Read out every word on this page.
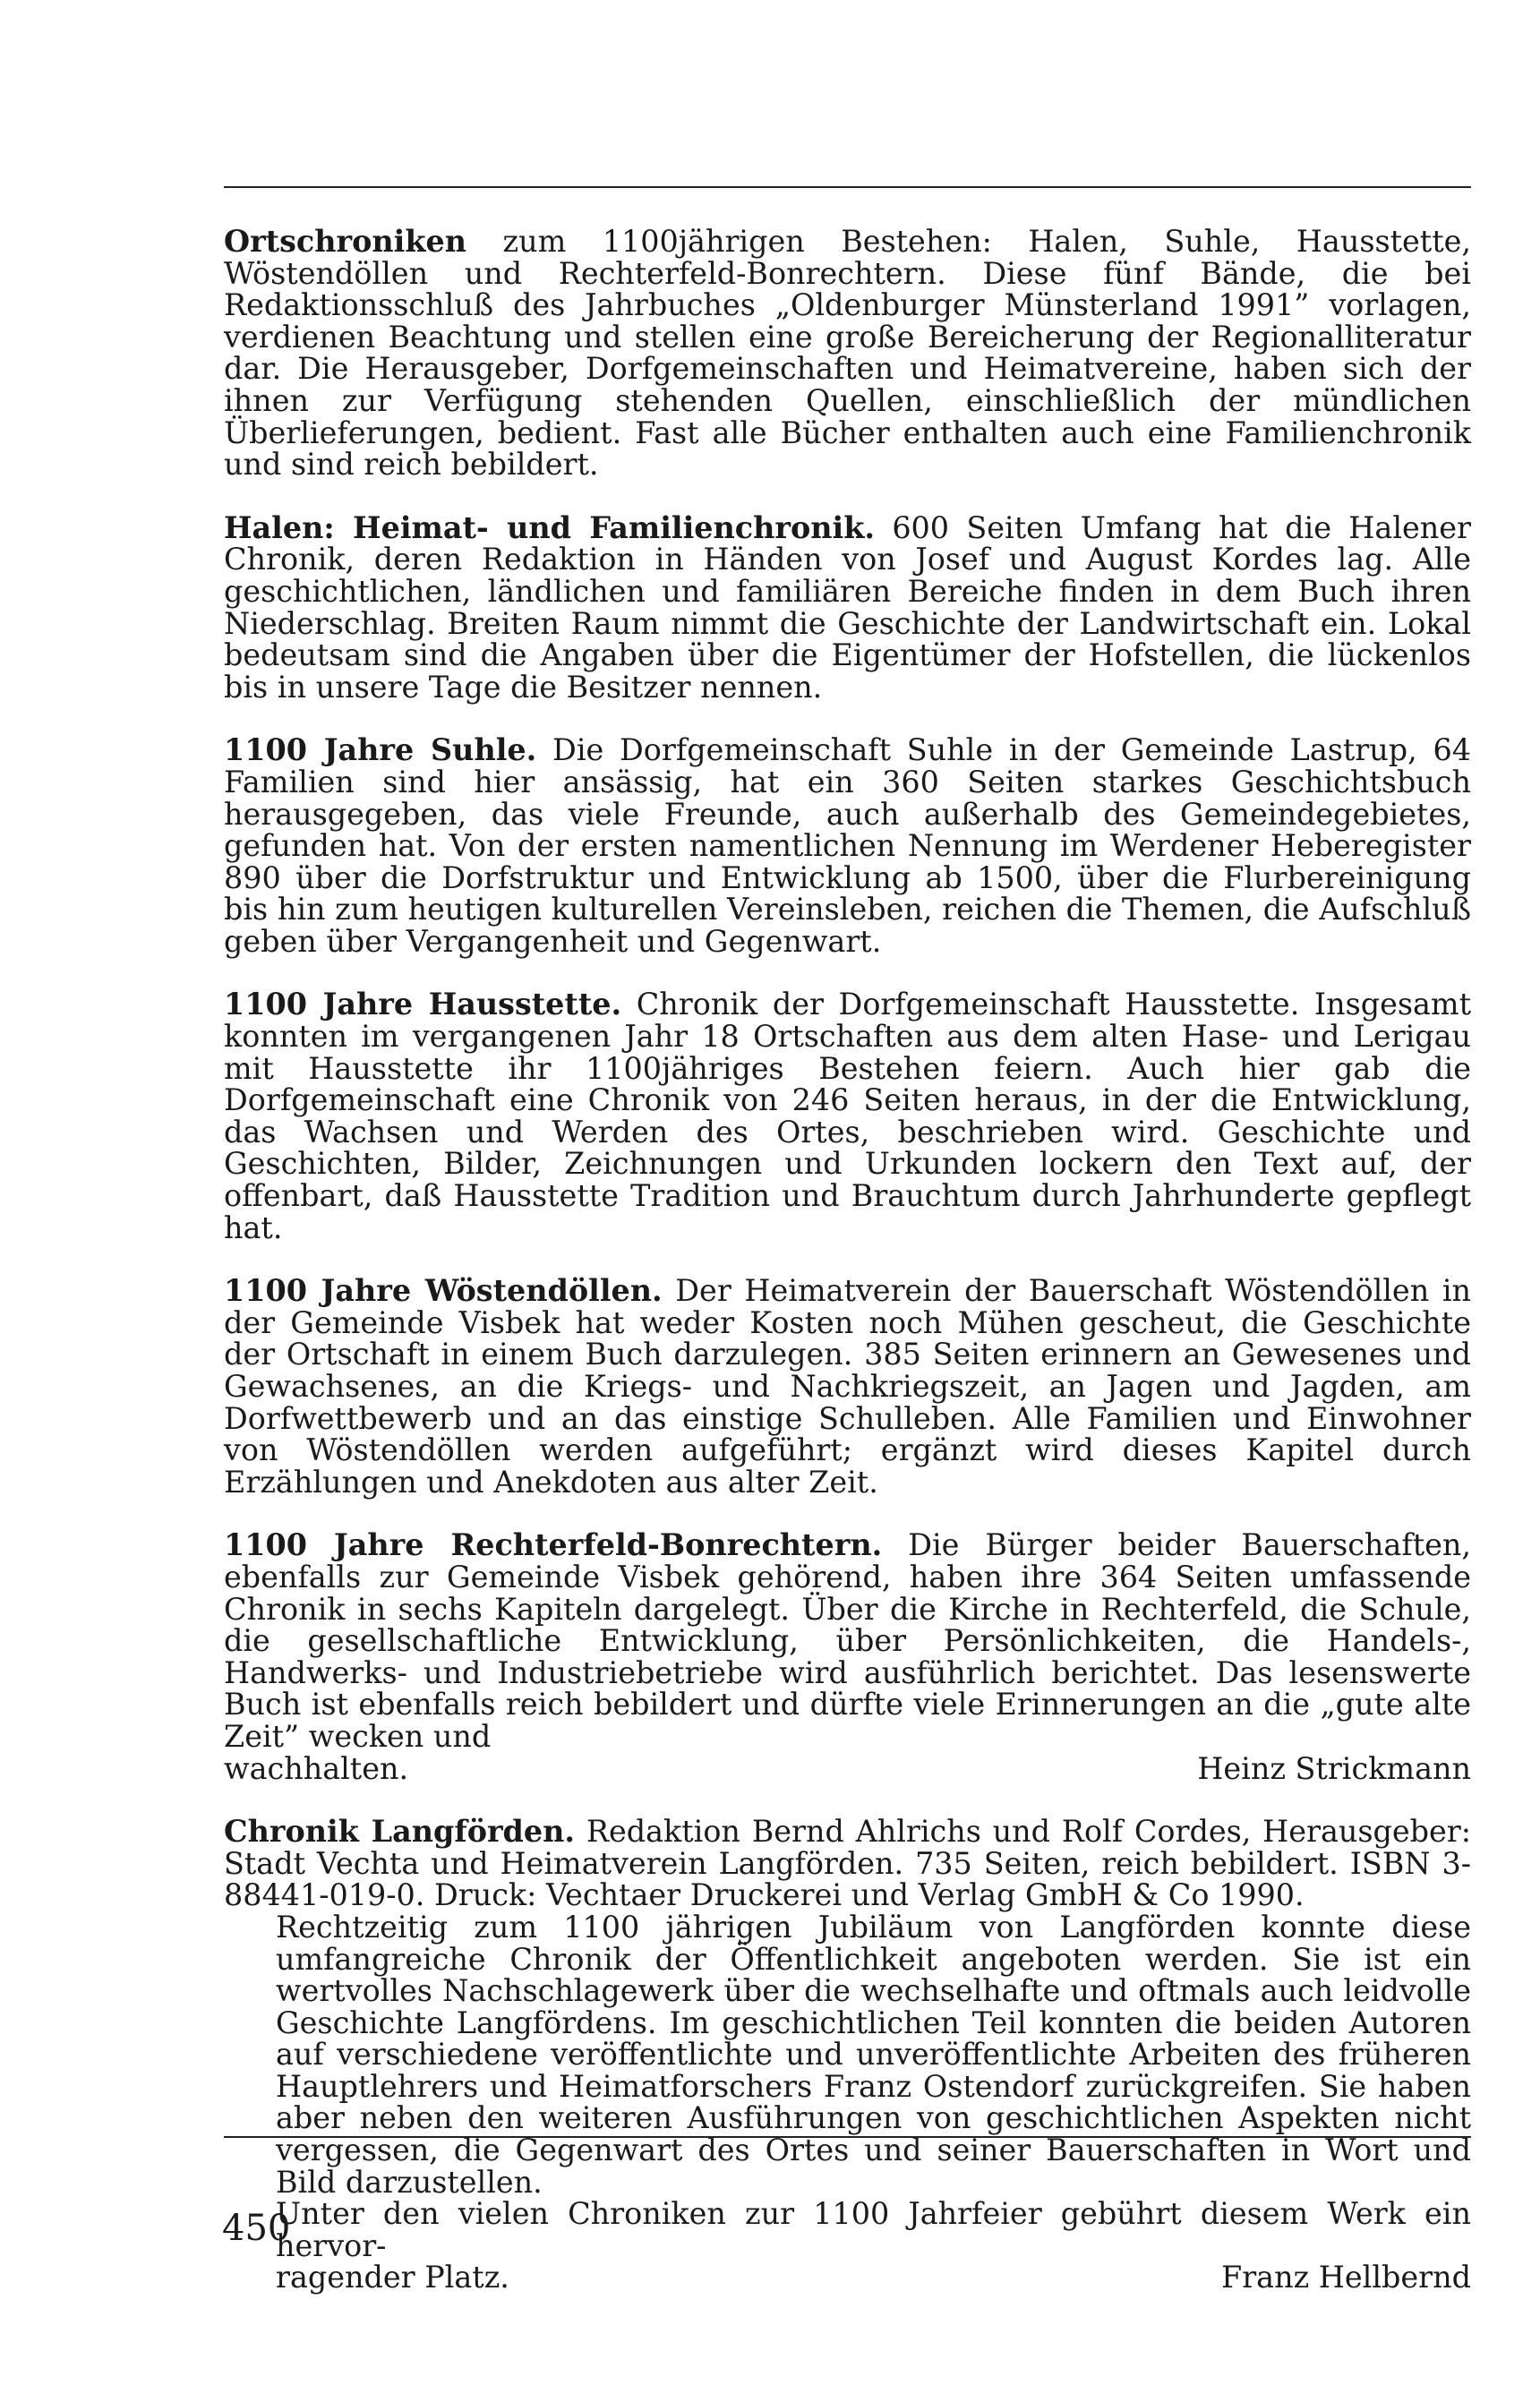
Ortschroniken zum 1100jährigen Bestehen: Halen, Suhle, Hausstette, Wöstendöllen und Rechterfeld-Bonrechtern. Diese fünf Bände, die bei Redaktionsschluß des Jahrbuches „Oldenburger Münsterland 1991” vorlagen, verdienen Beachtung und stellen eine große Bereicherung der Regionalliteratur dar. Die Herausgeber, Dorfgemeinschaften und Heimatvereine, haben sich der ihnen zur Verfügung stehenden Quellen, einschließlich der mündlichen Überlieferungen, bedient. Fast alle Bücher enthalten auch eine Familienchronik und sind reich bebildert.

Halen: Heimat- und Familienchronik. 600 Seiten Umfang hat die Halener Chronik, deren Redaktion in Händen von Josef und August Kordes lag. Alle geschichtlichen, ländlichen und familiären Bereiche finden in dem Buch ihren Niederschlag. Breiten Raum nimmt die Geschichte der Landwirtschaft ein. Lokal bedeutsam sind die Angaben über die Eigentümer der Hofstellen, die lückenlos bis in unsere Tage die Besitzer nennen.

1100 Jahre Suhle. Die Dorfgemeinschaft Suhle in der Gemeinde Lastrup, 64 Familien sind hier ansässig, hat ein 360 Seiten starkes Geschichtsbuch herausgegeben, das viele Freunde, auch außerhalb des Gemeindegebietes, gefunden hat. Von der ersten namentlichen Nennung im Werdener Heberegister 890 über die Dorfstruktur und Entwicklung ab 1500, über die Flurbereinigung bis hin zum heutigen kulturellen Vereinsleben, reichen die Themen, die Aufschluß geben über Vergangenheit und Gegenwart.

1100 Jahre Hausstette. Chronik der Dorfgemeinschaft Hausstette. Insgesamt konnten im vergangenen Jahr 18 Ortschaften aus dem alten Hase- und Lerigau mit Hausstette ihr 1100jähriges Bestehen feiern. Auch hier gab die Dorfgemeinschaft eine Chronik von 246 Seiten heraus, in der die Entwicklung, das Wachsen und Werden des Ortes, beschrieben wird. Geschichte und Geschichten, Bilder, Zeichnungen und Urkunden lockern den Text auf, der offenbart, daß Hausstette Tradition und Brauchtum durch Jahrhunderte gepflegt hat.

1100 Jahre Wöstendöllen. Der Heimatverein der Bauerschaft Wöstendöllen in der Gemeinde Visbek hat weder Kosten noch Mühen gescheut, die Geschichte der Ortschaft in einem Buch darzulegen. 385 Seiten erinnern an Gewesenes und Gewachsenes, an die Kriegs- und Nachkriegszeit, an Jagen und Jagden, am Dorfwettbewerb und an das einstige Schulleben. Alle Familien und Einwohner von Wöstendöllen werden aufgeführt; ergänzt wird dieses Kapitel durch Erzählungen und Anekdoten aus alter Zeit.

1100 Jahre Rechterfeld-Bonrechtern. Die Bürger beider Bauerschaften, ebenfalls zur Gemeinde Visbek gehörend, haben ihre 364 Seiten umfassende Chronik in sechs Kapiteln dargelegt. Über die Kirche in Rechterfeld, die Schule, die gesellschaftliche Entwicklung, über Persönlichkeiten, die Handels-, Handwerks- und Industriebetriebe wird ausführlich berichtet. Das lesenswerte Buch ist ebenfalls reich bebildert und dürfte viele Erinnerungen an die „gute alte Zeit” wecken und

wachhalten.	Heinz Strickmann

Chronik Langförden. Redaktion Bernd Ahlrichs und Rolf Cordes, Herausgeber: Stadt Vechta und Heimatverein Langförden. 735 Seiten, reich bebildert. ISBN 3-88441-019-0. Druck: Vechtaer Druckerei und Verlag GmbH & Co 1990.

Rechtzeitig zum 1100 jährigen Jubiläum von Langförden konnte diese umfangreiche Chronik der Öffentlichkeit angeboten werden. Sie ist ein wertvolles Nachschlagewerk über die wechselhafte und oftmals auch leidvolle Geschichte Langfördens. Im geschichtlichen Teil konnten die beiden Autoren auf verschiedene veröffentlichte und unveröffentlichte Arbeiten des früheren Hauptlehrers und Heimatforschers Franz Ostendorf zurückgreifen. Sie haben aber neben den weiteren Ausführungen von geschichtlichen Aspekten nicht vergessen, die Gegenwart des Ortes und seiner Bauerschaften in Wort und Bild darzustellen.

Unter den vielen Chroniken zur 1100 Jahrfeier gebührt diesem Werk ein hervor-

ragender Platz.	Franz Hellbernd
450
